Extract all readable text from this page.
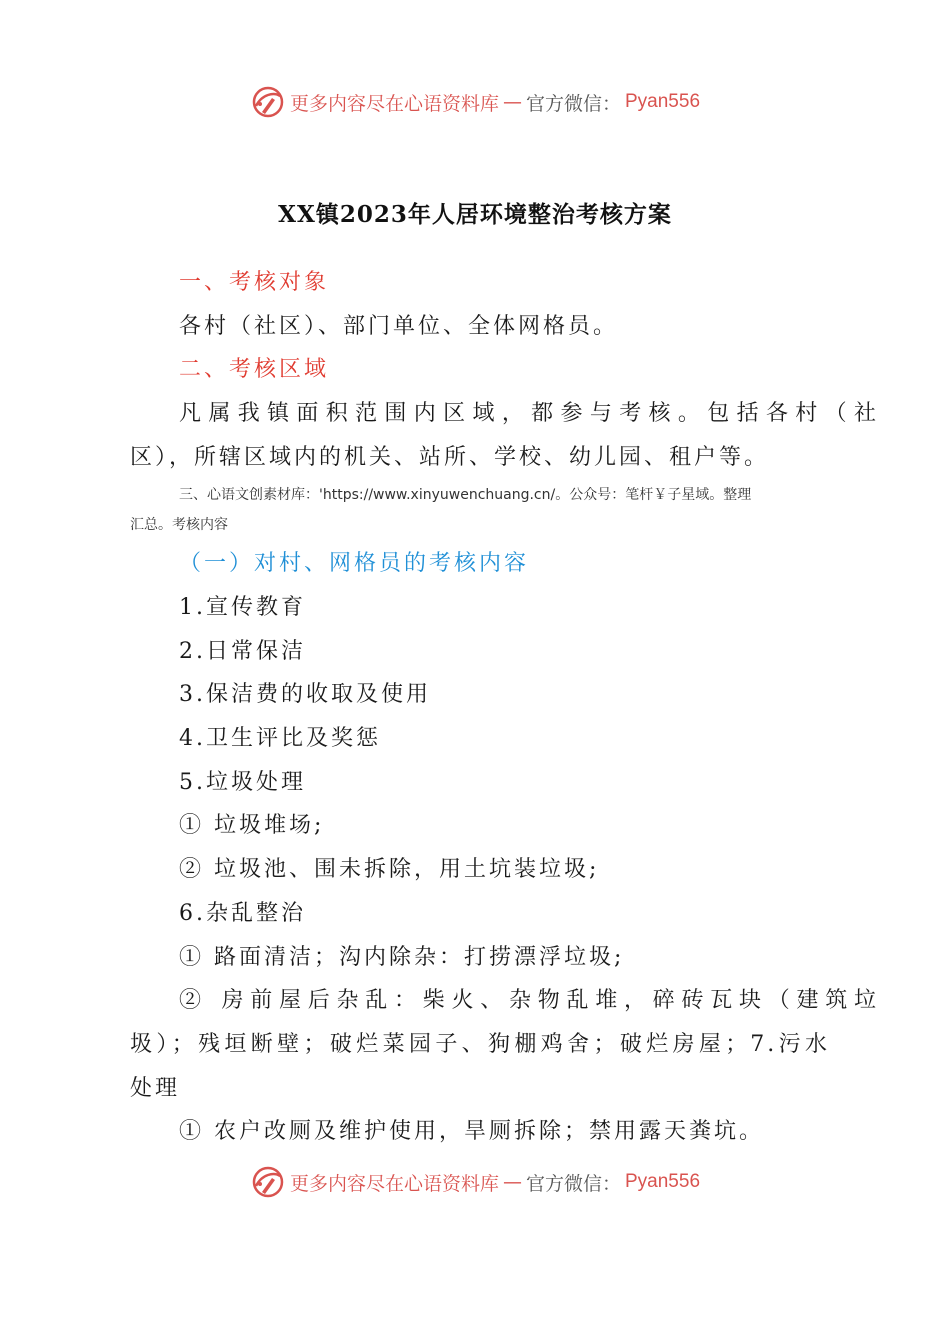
更多内容尽在心语资料库 — 官方微信： Pyan556
XX镇2023年人居环境整治考核方案
一、考核对象
各村（社区）、部门单位、全体网格员。
二、考核区域
凡属我镇面积范围内区域，都参与考核。包括各村（社
区），所辖区域内的机关、站所、学校、幼儿园、租户等。
三、心语文创素材库：'https://www.xinyuwenchuang.cn/。公众号：笔杆￥子星域。整理
汇总。考核内容
（一）对村、网格员的考核内容
1.宣传教育
2.日常保洁
3.保洁费的收取及使用
4.卫生评比及奖惩
5.垃圾处理
① 垃圾堆场;
② 垃圾池、围未拆除，用土坑装垃圾;
6.杂乱整治
① 路面清洁；沟内除杂：打捞漂浮垃圾;
② 房前屋后杂乱：柴火、杂物乱堆，碎砖瓦块（建筑垃
圾）；残垣断壁；破烂菜园子、狗棚鸡舍；破烂房屋；7.污水
处理
① 农户改厕及维护使用，旱厕拆除；禁用露天粪坑。
更多内容尽在心语资料库 — 官方微信： Pyan556
